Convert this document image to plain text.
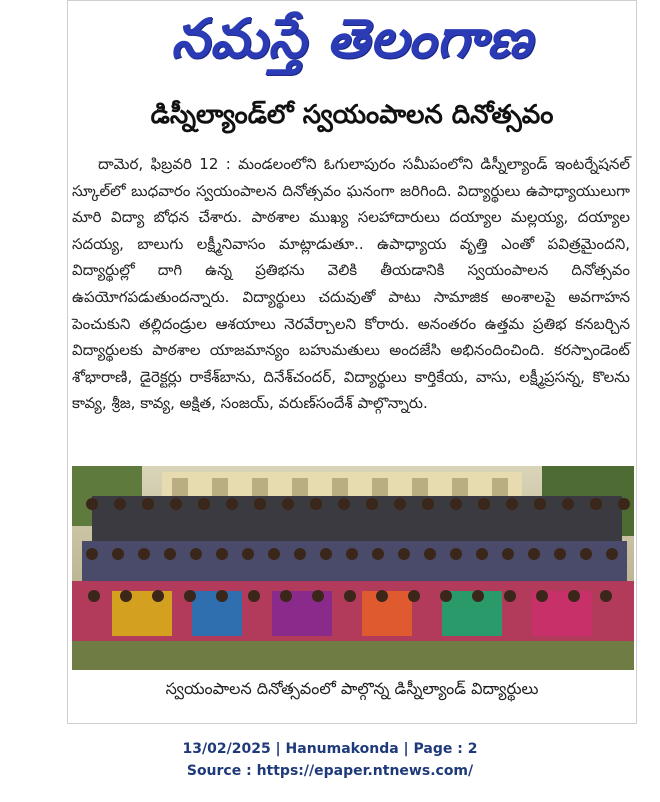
నమస్తే తెలంగాణ
డిస్నీల్యాండ్‌లో స్వయంపాలన దినోత్సవం

దామెర, ఫిబ్రవరి 12 : మండలంలోని ఓగులాపురం సమీపంలోని డిస్నీల్యాండ్ ఇంటర్నేషనల్ స్కూల్‌లో బుధవారం స్వయంపాలన దినోత్సవం ఘనంగా జరిగింది. విద్యార్థులు ఉపాధ్యాయులుగా మారి విద్యా బోధన చేశారు. పాఠశాల ముఖ్య సలహాదారులు దయ్యాల మల్లయ్య, దయ్యాల సదయ్య, బాలుగు లక్ష్మీనివాసం మాట్లాడుతూ.. ఉపాధ్యాయ వృత్తి ఎంతో పవిత్రమైందని, విద్యార్థుల్లో దాగి ఉన్న ప్రతిభను వెలికి తీయడానికి స్వయంపాలన దినోత్సవం ఉపయోగపడుతుందన్నారు. విద్యార్థులు చదువుతో పాటు సామాజిక అంశాలపై అవగాహన పెంచుకుని తల్లిదండ్రుల ఆశయాలు నెరవేర్చాలని కోరారు. అనంతరం ఉత్తమ ప్రతిభ కనబర్చిన విద్యార్థులకు పాఠశాల యాజమాన్యం బహుమతులు అందజేసి అభినందించింది. కరస్పాండెంట్ శోభారాణి, డైరెక్టర్లు రాకేశ్‌బాను, దినేశ్‌చందర్, విద్యార్థులు కార్తికేయ, వాసు, లక్ష్మీప్రసన్న, కొలను కావ్య, శ్రీజ, కావ్య, అక్షిత, సంజయ్, వరుణ్‌సందేశ్ పాల్గొన్నారు.

స్వయంపాలన దినోత్సవంలో పాల్గొన్న డిస్నీల్యాండ్ విద్యార్థులు
13/02/2025 | Hanumakonda | Page : 2
Source : https://epaper.ntnews.com/
